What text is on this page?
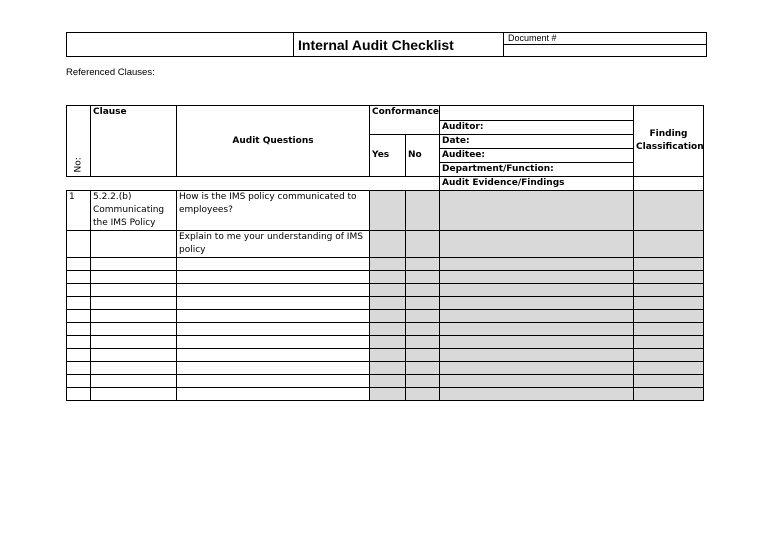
	Internal Audit Checklist	Document #

Referenced Clauses:
No:	Clause	Audit Questions	Conformance			Finding Classification
					Auditor:	
			Yes	No	Date:	
					Auditee:	
					Department/Function:	
					Audit Evidence/Findings	
1	5.2.2.(b) Communicating the IMS Policy	How is the IMS policy communicated to employees?				
		Explain to me your understanding of IMS policy				
